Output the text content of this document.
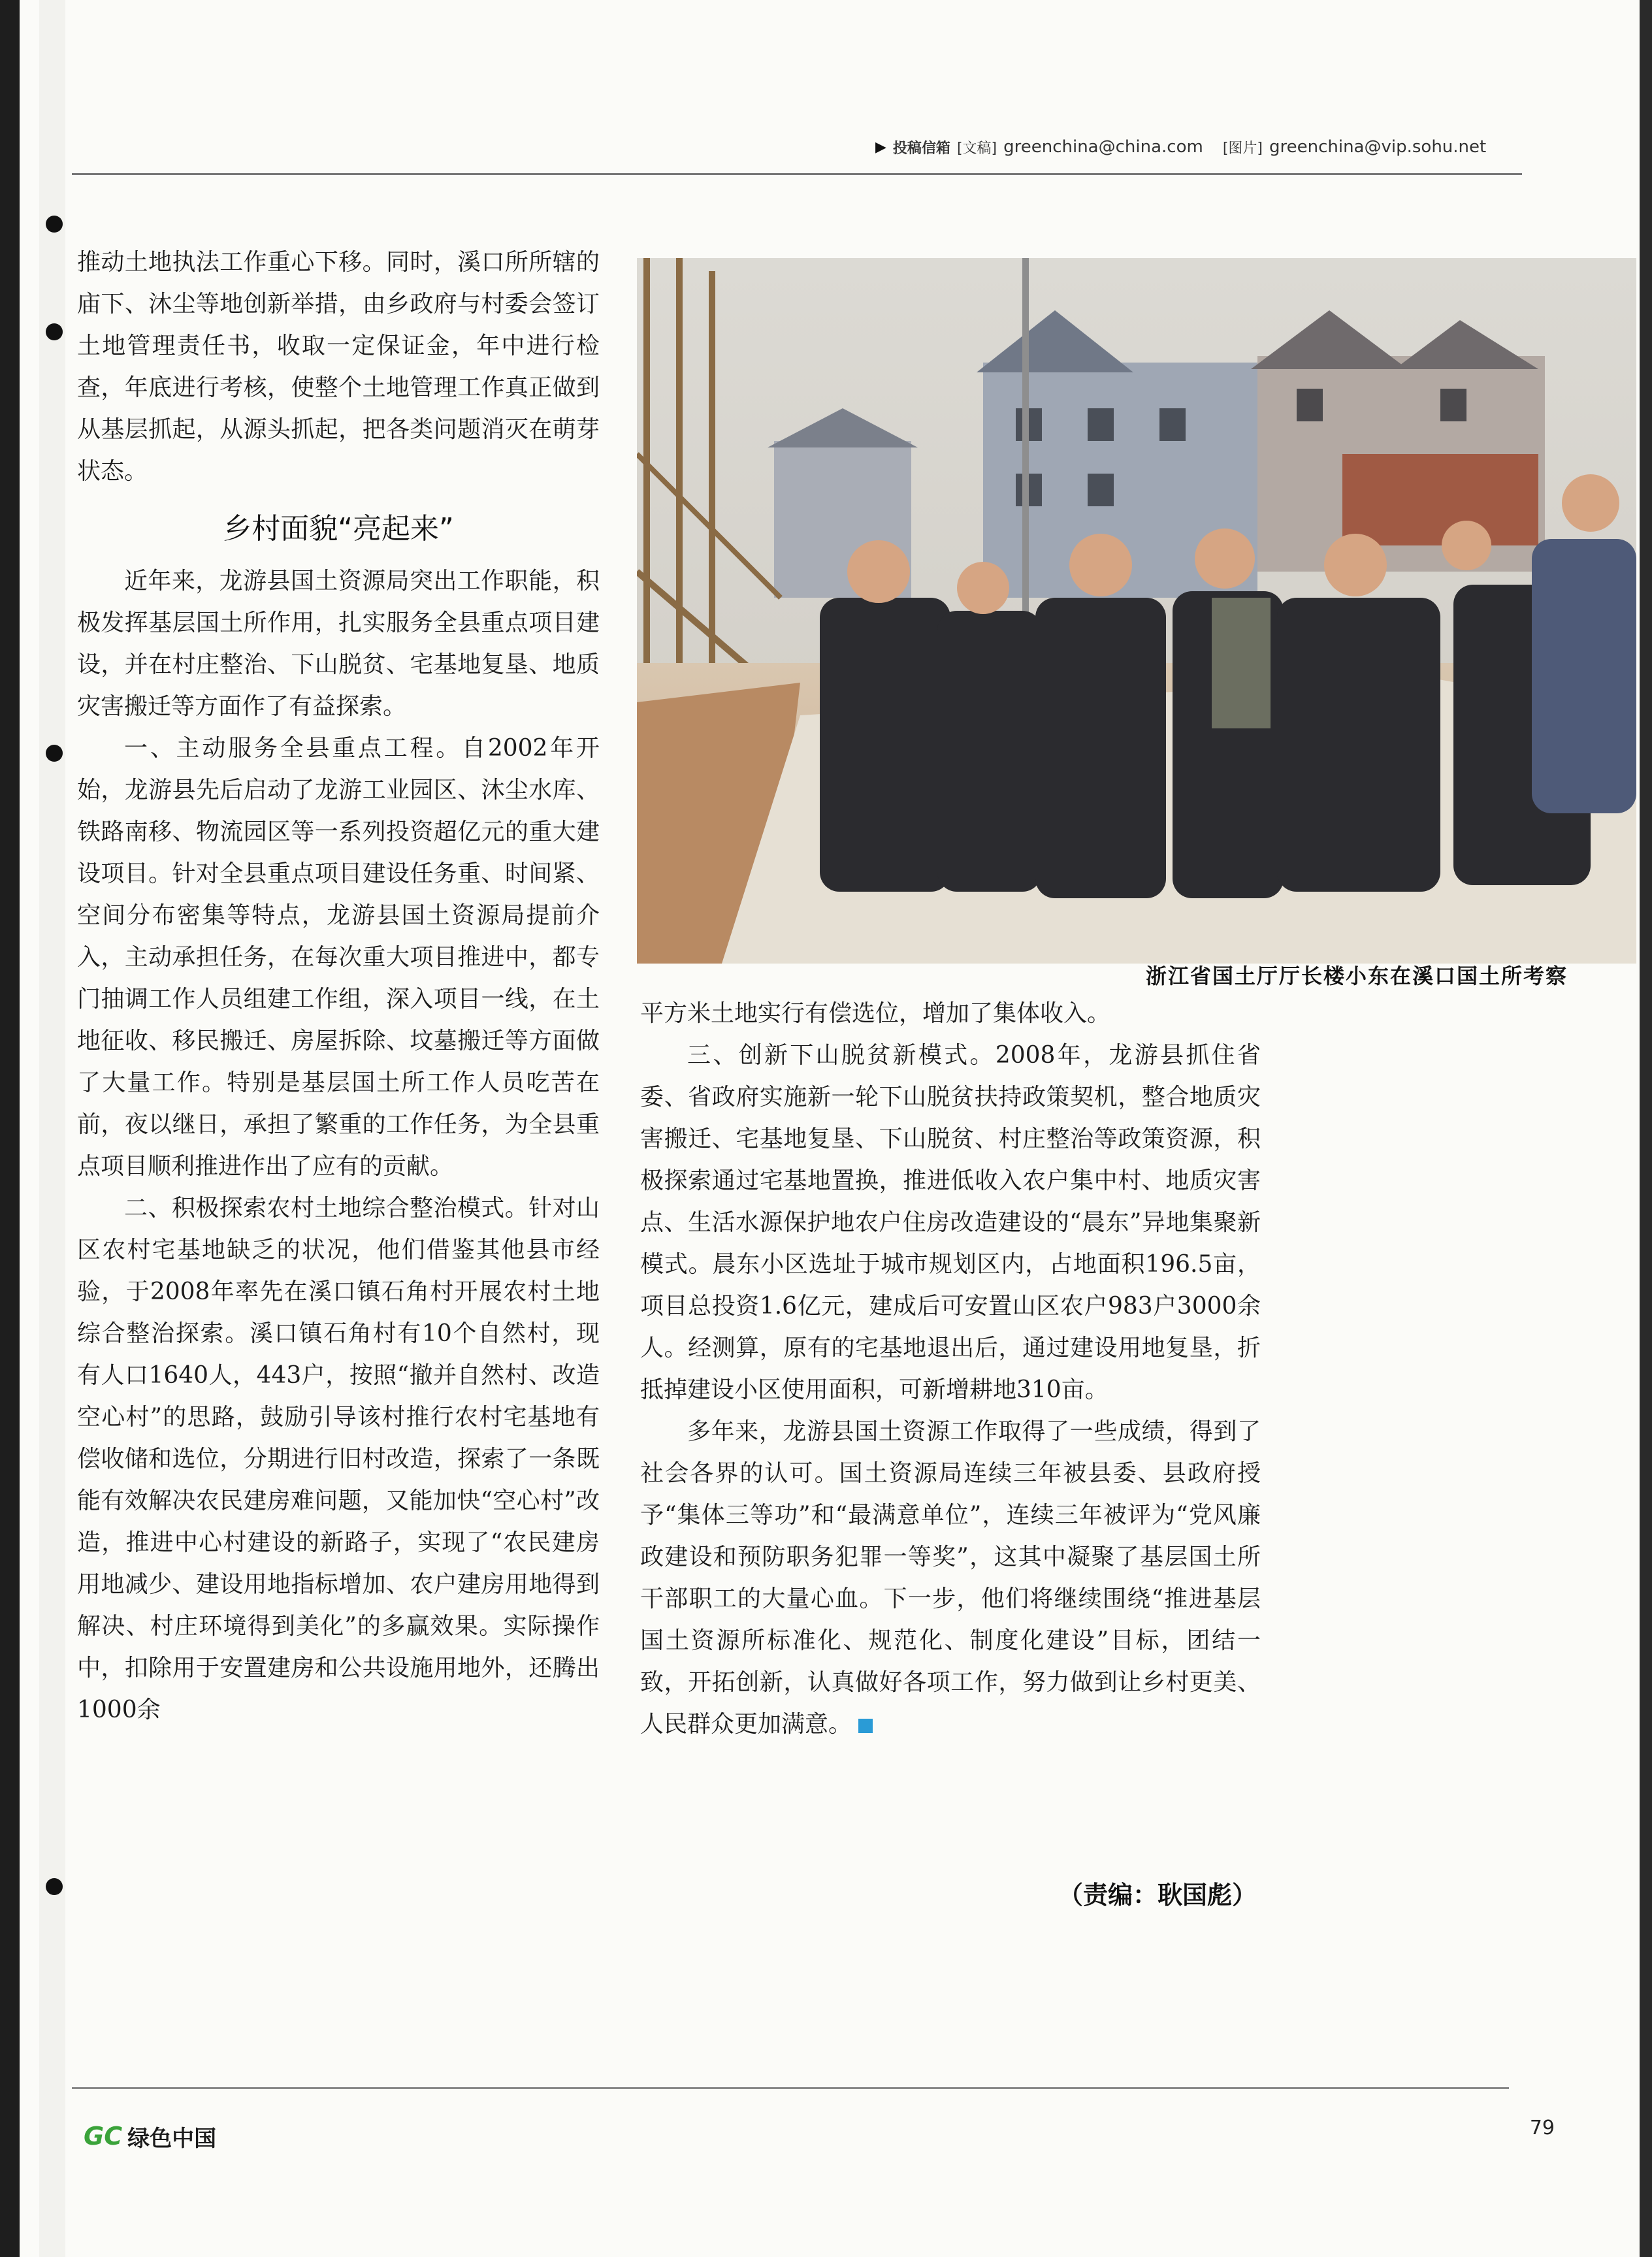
▶ 投稿信箱 [文稿] greenchina@china.com [图片] greenchina@vip.sohu.net

推动土地执法工作重心下移。同时，溪口所所辖的庙下、沐尘等地创新举措，由乡政府与村委会签订土地管理责任书，收取一定保证金，年中进行检查，年底进行考核，使整个土地管理工作真正做到从基层抓起，从源头抓起，把各类问题消灭在萌芽状态。

乡村面貌“亮起来”

近年来，龙游县国土资源局突出工作职能，积极发挥基层国土所作用，扎实服务全县重点项目建设，并在村庄整治、下山脱贫、宅基地复垦、地质灾害搬迁等方面作了有益探索。

一、主动服务全县重点工程。自2002年开始，龙游县先后启动了龙游工业园区、沐尘水库、铁路南移、物流园区等一系列投资超亿元的重大建设项目。针对全县重点项目建设任务重、时间紧、空间分布密集等特点，龙游县国土资源局提前介入，主动承担任务，在每次重大项目推进中，都专门抽调工作人员组建工作组，深入项目一线，在土地征收、移民搬迁、房屋拆除、坟墓搬迁等方面做了大量工作。特别是基层国土所工作人员吃苦在前，夜以继日，承担了繁重的工作任务，为全县重点项目顺利推进作出了应有的贡献。

二、积极探索农村土地综合整治模式。针对山区农村宅基地缺乏的状况，他们借鉴其他县市经验，于2008年率先在溪口镇石角村开展农村土地综合整治探索。溪口镇石角村有10个自然村，现有人口1640人，443户，按照“撤并自然村、改造空心村”的思路，鼓励引导该村推行农村宅基地有偿收储和选位，分期进行旧村改造，探索了一条既能有效解决农民建房难问题，又能加快“空心村”改造，推进中心村建设的新路子，实现了“农民建房用地减少、建设用地指标增加、农户建房用地得到解决、村庄环境得到美化”的多赢效果。实际操作中，扣除用于安置建房和公共设施用地外，还腾出1000余

浙江省国土厅厅长楼小东在溪口国土所考察

平方米土地实行有偿选位，增加了集体收入。

三、创新下山脱贫新模式。2008年，龙游县抓住省委、省政府实施新一轮下山脱贫扶持政策契机，整合地质灾害搬迁、宅基地复垦、下山脱贫、村庄整治等政策资源，积极探索通过宅基地置换，推进低收入农户集中村、地质灾害点、生活水源保护地农户住房改造建设的“晨东”异地集聚新模式。晨东小区选址于城市规划区内，占地面积196.5亩，项目总投资1.6亿元，建成后可安置山区农户983户3000余人。经测算，原有的宅基地退出后，通过建设用地复垦，折抵掉建设小区使用面积，可新增耕地310亩。

多年来，龙游县国土资源工作取得了一些成绩，得到了社会各界的认可。国土资源局连续三年被县委、县政府授予“集体三等功”和“最满意单位”，连续三年被评为“党风廉政建设和预防职务犯罪一等奖”，这其中凝聚了基层国土所干部职工的大量心血。下一步，他们将继续围绕“推进基层国土资源所标准化、规范化、制度化建设”目标，团结一致，开拓创新，认真做好各项工作，努力做到让乡村更美、人民群众更加满意。

（责编：耿国彪）
GC 绿色中国	79
